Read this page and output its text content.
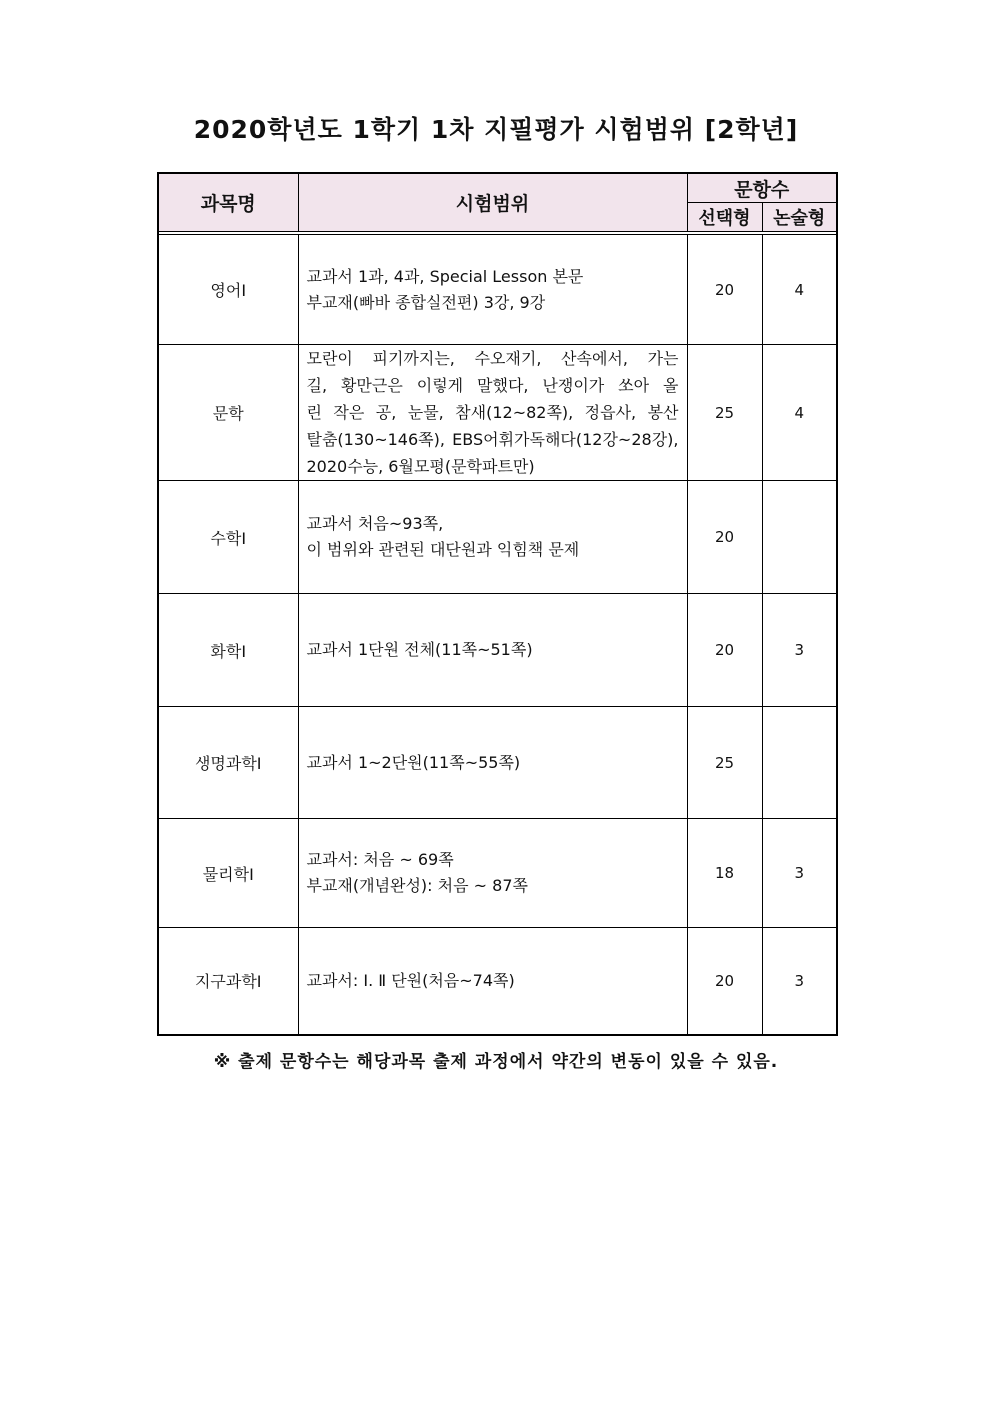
2020학년도 1학기 1차 지필평가 시험범위 [2학년]
과목명	시험범위	문항수	
		선택형	논술형

영어Ⅰ	교과서 1과, 4과, Special Lesson 본문
부교재(빠바 종합실전편) 3강, 9강	20	4
문학	모란이 피기까지는, 수오재기, 산속에서, 가는
길, 황만근은 이렇게 말했다, 난쟁이가 쏘아 올
린 작은 공, 눈물, 참새(12~82쪽), 정읍사, 봉산
탈춤(130~146쪽), EBS어휘가독해다(12강~28강),
2020수능, 6월모평(문학파트만)	25	4
수학Ⅰ	교과서 처음~93쪽,
이 범위와 관련된 대단원과 익힘책 문제	20	
화학Ⅰ	교과서 1단원 전체(11쪽~51쪽)	20	3
생명과학Ⅰ	교과서 1~2단원(11쪽~55쪽)	25	
물리학Ⅰ	교과서: 처음 ~ 69쪽
부교재(개념완성): 처음 ~ 87쪽	18	3
지구과학Ⅰ	교과서: Ⅰ. Ⅱ 단원(처음~74쪽)	20	3
※ 출제 문항수는 해당과목 출제 과정에서 약간의 변동이 있을 수 있음.
